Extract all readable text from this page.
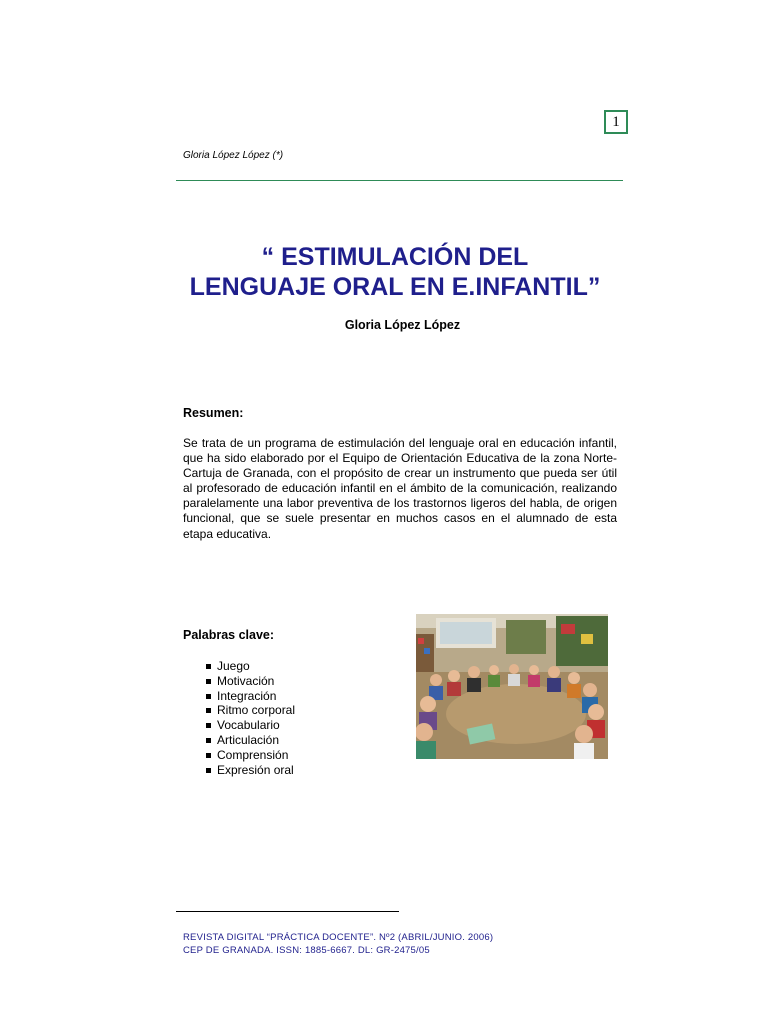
1
Gloria López López (*)
“ ESTIMULACIÓN DEL
LENGUAJE ORAL EN E.INFANTIL”
Gloria López López
Resumen:
Se trata de un programa de estimulación del lenguaje oral en educación infantil, que ha sido elaborado por el Equipo de Orientación Educativa de la zona Norte-Cartuja de Granada, con el propósito de crear un instrumento que pueda ser útil al profesorado de educación infantil en el ámbito de la comunicación, realizando paralelamente una labor preventiva de los trastornos ligeros del habla, de origen funcional, que se suele presentar en muchos casos en el alumnado de esta etapa educativa.
Palabras clave:
Juego
Motivación
Integración
Ritmo corporal
Vocabulario
Articulación
Comprensión
Expresión oral
REVISTA DIGITAL “PRÁCTICA DOCENTE”. Nº2 (ABRIL/JUNIO. 2006)
CEP DE GRANADA. ISSN: 1885-6667. DL: GR-2475/05
